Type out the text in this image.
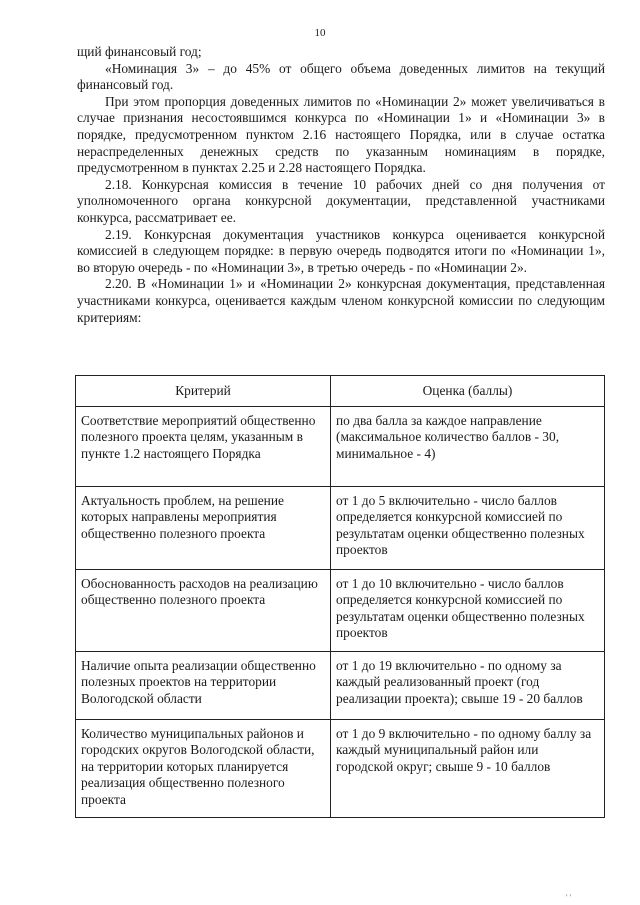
10

щий финансовый год;

«Номинация 3» – до 45% от общего объема доведенных лимитов на текущий финансовый год.

При этом пропорция доведенных лимитов по «Номинации 2» может увеличиваться в случае признания несостоявшимся конкурса по «Номинации 1» и «Номинации 3» в порядке, предусмотренном пунктом 2.16 настоящего Порядка, или в случае остатка нераспределенных денежных средств по указанным номинациям в порядке, предусмотренном в пунктах 2.25 и 2.28 настоящего Порядка.

2.18. Конкурсная комиссия в течение 10 рабочих дней со дня получения от уполномоченного органа конкурсной документации, представленной участниками конкурса, рассматривает ее.

2.19. Конкурсная документация участников конкурса оценивается конкурсной комиссией в следующем порядке: в первую очередь подводятся итоги по «Номинации 1», во вторую очередь - по «Номинации 3», в третью очередь - по «Номинации 2».

2.20. В «Номинации 1» и «Номинации 2» конкурсная документация, представленная участниками конкурса, оценивается каждым членом конкурсной комиссии по следующим критериям:

Критерий	Оценка (баллы)
Соответствие мероприятий общественно полезного проекта целям, указанным в пункте 1.2 настоящего Порядка	по два балла за каждое направление (максимальное количество баллов - 30, минимальное - 4)
Актуальность проблем, на решение которых направлены мероприятия общественно полезного проекта	от 1 до 5 включительно - число баллов определяется конкурсной комиссией по результатам оценки общественно полезных проектов
Обоснованность расходов на реализацию общественно полезного проекта	от 1 до 10 включительно - число баллов определяется конкурсной комиссией по результатам оценки общественно полезных проектов
Наличие опыта реализации общественно полезных проектов на территории Вологодской области	от 1 до 19 включительно - по одному за каждый реализованный проект (год реализации проекта); свыше 19 - 20 баллов
Количество муниципальных районов и городских округов Вологодской области, на территории которых планируется реализация общественно полезного проекта	от 1 до 9 включительно - по одному баллу за каждый муниципальный район или городской округ; свыше 9 - 10 баллов
' '
